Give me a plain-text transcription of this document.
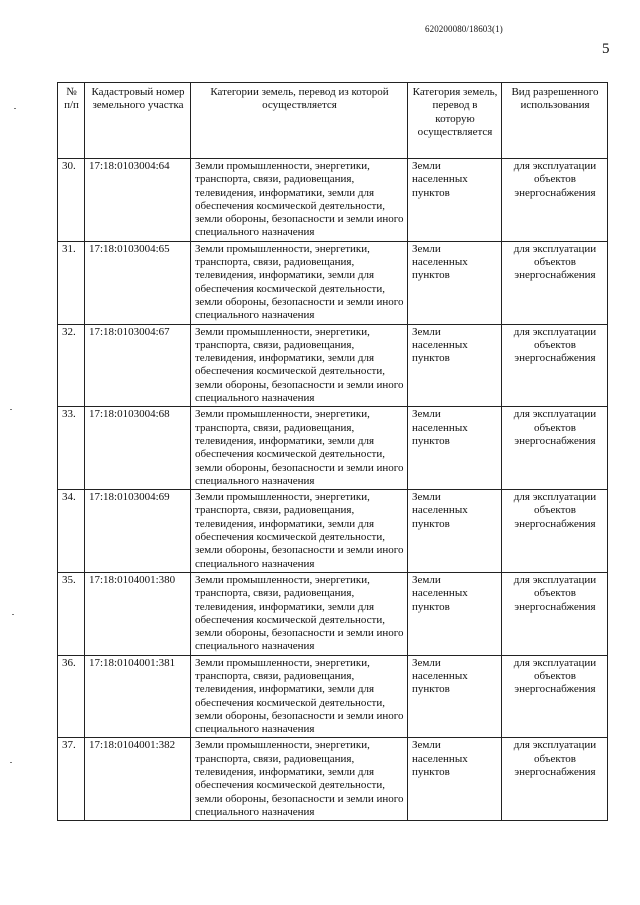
620200080/18603(1)
5
№ п/п	Кадастровый номер земельного участка	Категории земель, перевод из которой осуществляется	Категория земель, перевод в которую осуществляется	Вид разрешенного использования
30.	17:18:0103004:64	Земли промышленности, энергетики, транспорта, связи, радиовещания, телевидения, информатики, земли для обеспечения космической деятельности, земли обороны, безопасности и земли иного специального назначения	Земли населенных пунктов	для эксплуатации объектов энергоснабжения
31.	17:18:0103004:65	Земли промышленности, энергетики, транспорта, связи, радиовещания, телевидения, информатики, земли для обеспечения космической деятельности, земли обороны, безопасности и земли иного специального назначения	Земли населенных пунктов	для эксплуатации объектов энергоснабжения
32.	17:18:0103004:67	Земли промышленности, энергетики, транспорта, связи, радиовещания, телевидения, информатики, земли для обеспечения космической деятельности, земли обороны, безопасности и земли иного специального назначения	Земли населенных пунктов	для эксплуатации объектов энергоснабжения
33.	17:18:0103004:68	Земли промышленности, энергетики, транспорта, связи, радиовещания, телевидения, информатики, земли для обеспечения космической деятельности, земли обороны, безопасности и земли иного специального назначения	Земли населенных пунктов	для эксплуатации объектов энергоснабжения
34.	17:18:0103004:69	Земли промышленности, энергетики, транспорта, связи, радиовещания, телевидения, информатики, земли для обеспечения космической деятельности, земли обороны, безопасности и земли иного специального назначения	Земли населенных пунктов	для эксплуатации объектов энергоснабжения
35.	17:18:0104001:380	Земли промышленности, энергетики, транспорта, связи, радиовещания, телевидения, информатики, земли для обеспечения космической деятельности, земли обороны, безопасности и земли иного специального назначения	Земли населенных пунктов	для эксплуатации объектов энергоснабжения
36.	17:18:0104001:381	Земли промышленности, энергетики, транспорта, связи, радиовещания, телевидения, информатики, земли для обеспечения космической деятельности, земли обороны, безопасности и земли иного специального назначения	Земли населенных пунктов	для эксплуатации объектов энергоснабжения
37.	17:18:0104001:382	Земли промышленности, энергетики, транспорта, связи, радиовещания, телевидения, информатики, земли для обеспечения космической деятельности, земли обороны, безопасности и земли иного специального назначения	Земли населенных пунктов	для эксплуатации объектов энергоснабжения
